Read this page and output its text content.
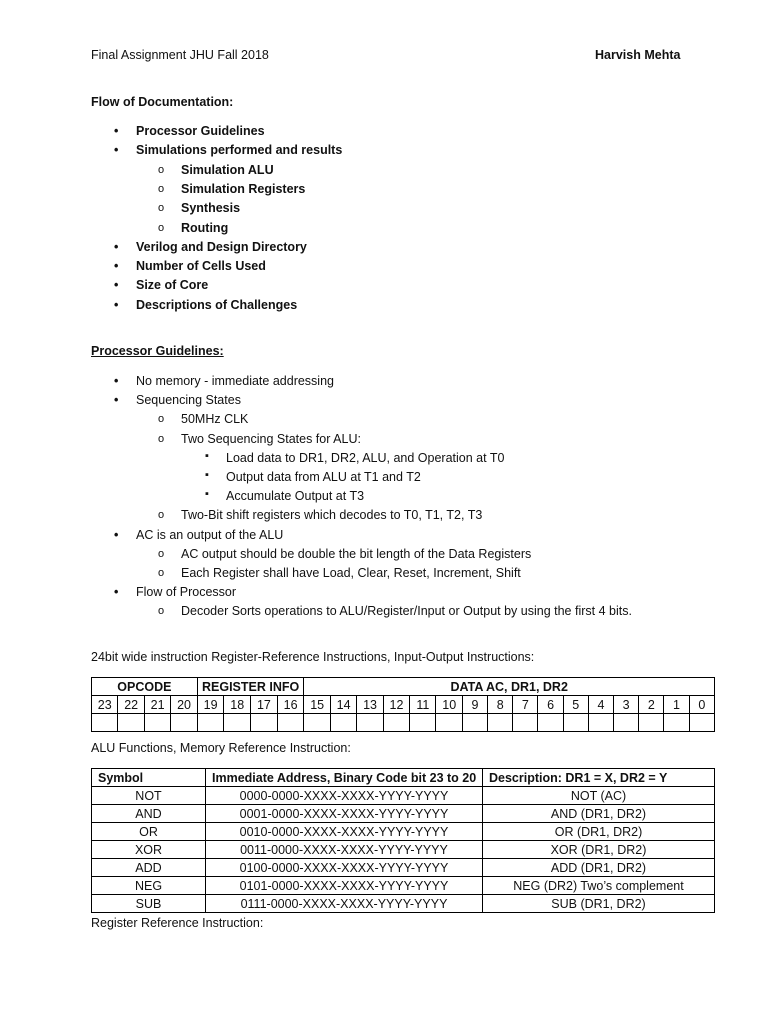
Final Assignment JHU Fall 2018	Harvish Mehta
Flow of Documentation:
• Processor Guidelines
• Simulations performed and results
o Simulation ALU
o Simulation Registers
o Synthesis
o Routing
• Verilog and Design Directory
• Number of Cells Used
• Size of Core
• Descriptions of Challenges
Processor Guidelines:
• No memory - immediate addressing
• Sequencing States
o 50MHz CLK
o Two Sequencing States for ALU:
▪ Load data to DR1, DR2, ALU, and Operation at T0
▪ Output data from ALU at T1 and T2
▪ Accumulate Output at T3
o Two-Bit shift registers which decodes to T0, T1, T2, T3
• AC is an output of the ALU
o AC output should be double the bit length of the Data Registers
o Each Register shall have Load, Clear, Reset, Increment, Shift
• Flow of Processor
o Decoder Sorts operations to ALU/Register/Input or Output by using the first 4 bits.
24bit wide instruction Register-Reference Instructions, Input-Output Instructions:
OPCODE				REGISTER INFO				DATA AC, DR1, DR2															
23	22	21	20	19	18	17	16	15	14	13	12	11	10	9	8	7	6	5	4	3	2	1	0

ALU Functions, Memory Reference Instruction:
Symbol	Immediate Address, Binary Code bit 23 to 20	Description: DR1 = X, DR2 = Y
NOT	0000-0000-XXXX-XXXX-YYYY-YYYY	NOT (AC)
AND	0001-0000-XXXX-XXXX-YYYY-YYYY	AND (DR1, DR2)
OR	0010-0000-XXXX-XXXX-YYYY-YYYY	OR (DR1, DR2)
XOR	0011-0000-XXXX-XXXX-YYYY-YYYY	XOR (DR1, DR2)
ADD	0100-0000-XXXX-XXXX-YYYY-YYYY	ADD (DR1, DR2)
NEG	0101-0000-XXXX-XXXX-YYYY-YYYY	NEG (DR2) Two’s complement
SUB	0111-0000-XXXX-XXXX-YYYY-YYYY	SUB (DR1, DR2)
Register Reference Instruction:
